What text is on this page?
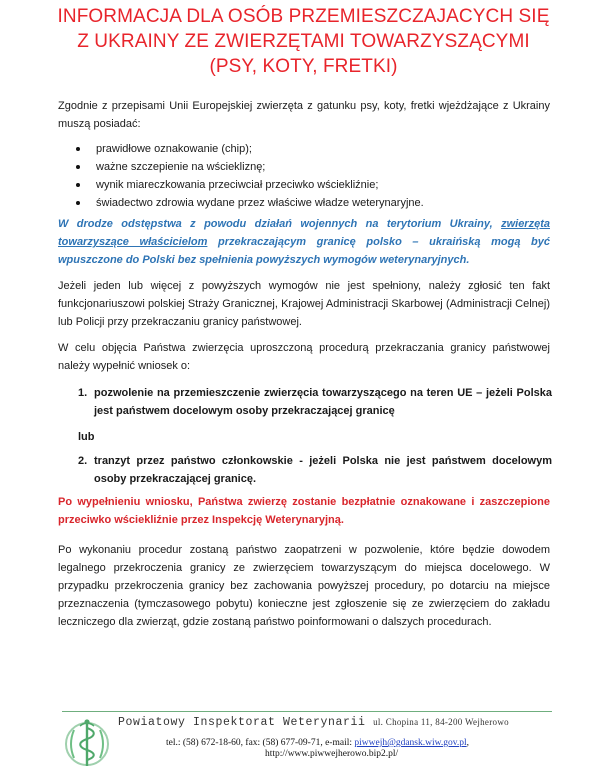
INFORMACJA DLA OSÓB PRZEMIESZCZAJACYCH SIĘ
Z UKRAINY ZE ZWIERZĘTAMI TOWARZYSZĄCYMI
(PSY, KOTY, FRETKI)
Zgodnie z przepisami Unii Europejskiej zwierzęta z gatunku psy, koty, fretki wjeżdżające z Ukrainy muszą posiadać:
prawidłowe oznakowanie (chip);
ważne szczepienie na wściekliznę;
wynik miareczkowania przeciwciał przeciwko wściekliźnie;
świadectwo zdrowia wydane przez właściwe władze weterynaryjne.
W drodze odstępstwa z powodu działań wojennych na terytorium Ukrainy, zwierzęta towarzyszące właścicielom przekraczającym granicę polsko – ukraińską mogą być wpuszczone do Polski bez spełnienia powyższych wymogów weterynaryjnych.
Jeżeli jeden lub więcej z powyższych wymogów nie jest spełniony, należy zgłosić ten fakt funkcjonariuszowi polskiej Straży Granicznej, Krajowej Administracji Skarbowej (Administracji Celnej) lub Policji przy przekraczaniu granicy państwowej.
W celu objęcia Państwa zwierzęcia uproszczoną procedurą przekraczania granicy państwowej należy wypełnić wniosek o:
1. pozwolenie na przemieszczenie zwierzęcia towarzyszącego na teren UE – jeżeli Polska jest państwem docelowym osoby przekraczającej granicę
lub
2. tranzyt przez państwo członkowskie - jeżeli Polska nie jest państwem docelowym osoby przekraczającej granicę.
Po wypełnieniu wniosku, Państwa zwierzę zostanie bezpłatnie oznakowane i zaszczepione przeciwko wściekliźnie przez Inspekcję Weterynaryjną.
Po wykonaniu procedur zostaną państwo zaopatrzeni w pozwolenie, które będzie dowodem legalnego przekroczenia granicy ze zwierzęciem towarzyszącym do miejsca docelowego. W przypadku przekroczenia granicy bez zachowania powyższej procedury, po dotarciu na miejsce przeznaczenia (tymczasowego pobytu) konieczne jest zgłoszenie się ze zwierzęciem do zakładu leczniczego dla zwierząt, gdzie zostaną państwo poinformowani o dalszych procedurach.
Powiatowy Inspektorat Weterynarii ul. Chopina 11, 84-200 Wejherowo
tel.: (58) 672-18-60, fax: (58) 677-09-71, e-mail: piwwejh@gdansk.wiw.gov.pl,
http://www.piwwejherowo.bip2.pl/
